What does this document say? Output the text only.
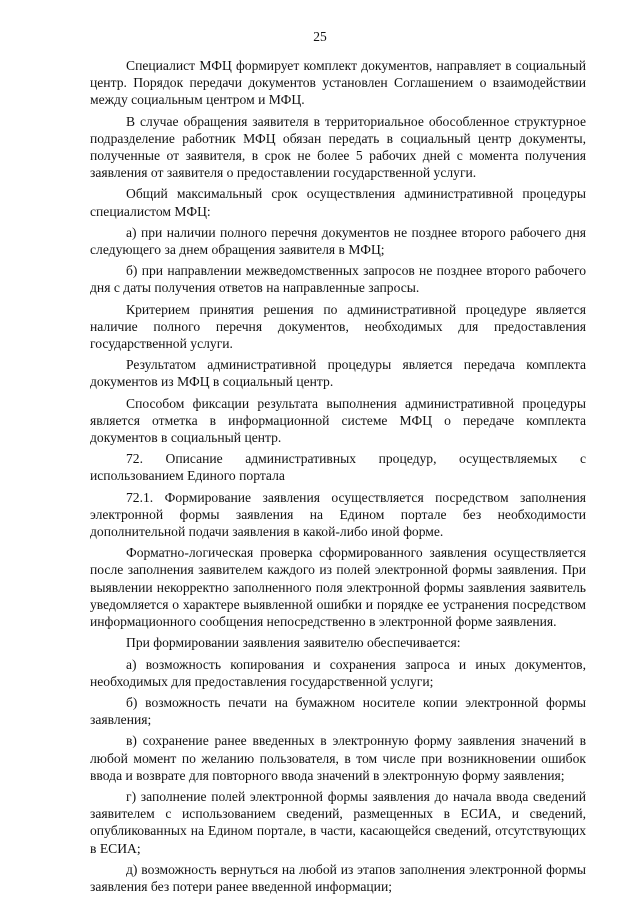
25

Специалист МФЦ формирует комплект документов, направляет в социальный центр. Порядок передачи документов установлен Соглашением о взаимодействии между социальным центром и МФЦ.

В случае обращения заявителя в территориальное обособленное структурное подразделение работник МФЦ обязан передать в социальный центр документы, полученные от заявителя, в срок не более 5 рабочих дней с момента получения заявления от заявителя о предоставлении государственной услуги.

Общий максимальный срок осуществления административной процедуры специалистом МФЦ:

а) при наличии полного перечня документов не позднее второго рабочего дня следующего за днем обращения заявителя в МФЦ;

б) при направлении межведомственных запросов не позднее второго рабочего дня с даты получения ответов на направленные запросы.

Критерием принятия решения по административной процедуре является наличие полного перечня документов, необходимых для предоставления государственной услуги.

Результатом административной процедуры является передача комплекта документов из МФЦ в социальный центр.

Способом фиксации результата выполнения административной процедуры является отметка в информационной системе МФЦ о передаче комплекта документов в социальный центр.

72. Описание административных процедур, осуществляемых с использованием Единого портала

72.1. Формирование заявления осуществляется посредством заполнения электронной формы заявления на Едином портале без необходимости дополнительной подачи заявления в какой-либо иной форме.

Форматно-логическая проверка сформированного заявления осуществляется после заполнения заявителем каждого из полей электронной формы заявления. При выявлении некорректно заполненного поля электронной формы заявления заявитель уведомляется о характере выявленной ошибки и порядке ее устранения посредством информационного сообщения непосредственно в электронной форме заявления.

При формировании заявления заявителю обеспечивается:

а) возможность копирования и сохранения запроса и иных документов, необходимых для предоставления государственной услуги;

б) возможность печати на бумажном носителе копии электронной формы заявления;

в) сохранение ранее введенных в электронную форму заявления значений в любой момент по желанию пользователя, в том числе при возникновении ошибок ввода и возврате для повторного ввода значений в электронную форму заявления;

г) заполнение полей электронной формы заявления до начала ввода сведений заявителем с использованием сведений, размещенных в ЕСИА, и сведений, опубликованных на Едином портале, в части, касающейся сведений, отсутствующих в ЕСИА;

д) возможность вернуться на любой из этапов заполнения электронной формы заявления без потери ранее введенной информации;
